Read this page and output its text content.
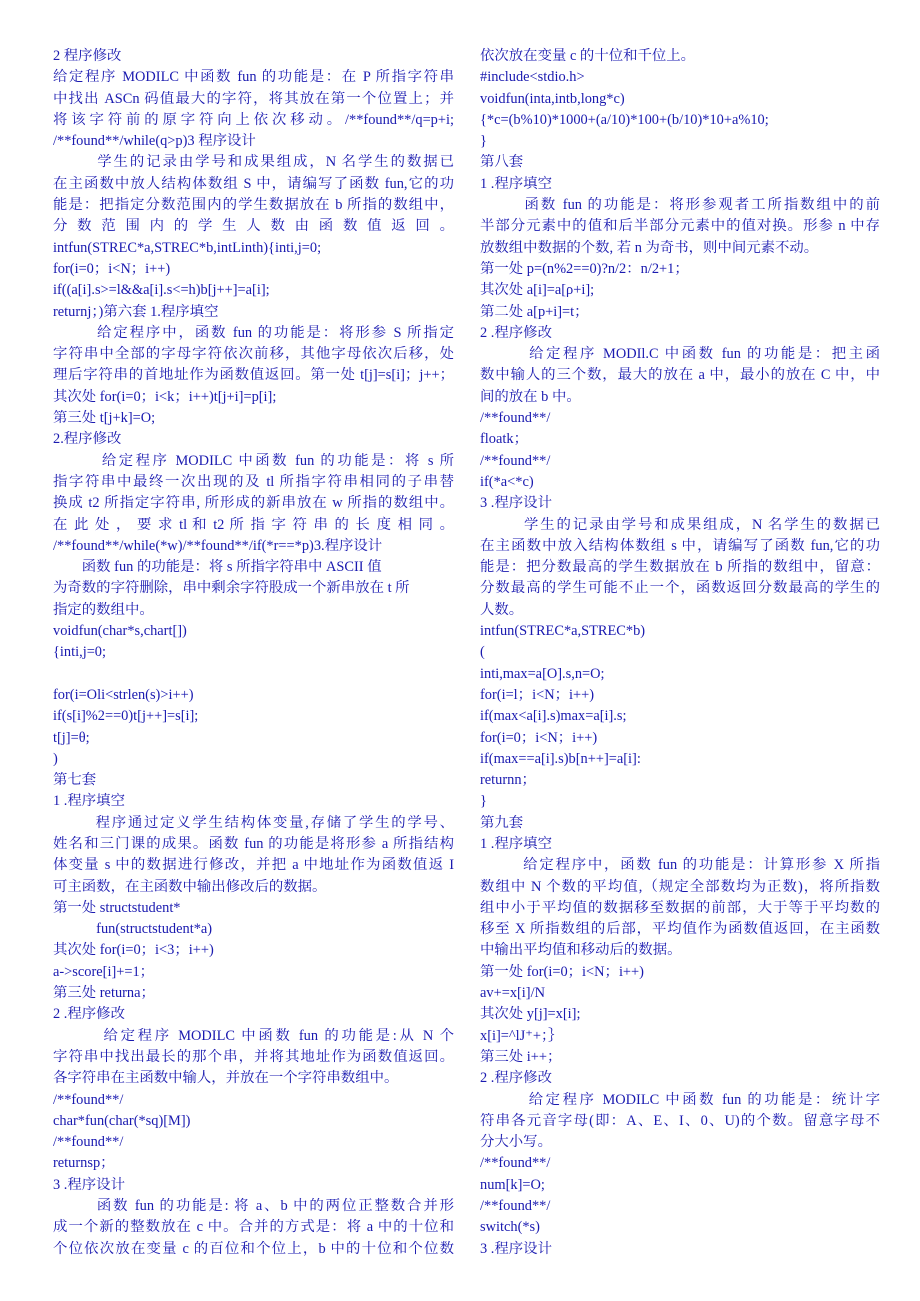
2 程序修改
给定程序 MODILC 中函数 fun 的功能是：在 P 所指字符串
中找出 ASCn 码值最大的字符，将其放在第一个位置上；并
将该字符前的原字符向上依次移动。/**found**/q=p+i;
/**found**/while(q>p)3 程序设计
学生的记录由学号和成果组成，N 名学生的数据已
在主函数中放人结构体数组 S 中，请编写了函数 fun,它的功
能是：把指定分数范围内的学生数据放在 b 所指的数组中，
分 数 范 围 内 的 学 生 人 数 由 函 数 值 返 回 。
intfun(STREC*a,STREC*b,intLinth){inti,j=0;
for(i=0；i<N；i++)
if((a[i].s>=l&&a[i].s<=h)b[j++]=a[i];
returnj；)第六套 1.程序填空
给定程序中，函数 fun 的功能是：将形参 S 所指定
字符串中全部的字母字符依次前移，其他字母依次后移，处
理后字符串的首地址作为函数值返回。第一处 t[j]=s[i]；j++；
其次处 for(i=0；i<k；i++)t[j+i]=p[i];
第三处 t[j+k]=O;
2.程序修改
给定程序 MODILC 中函数 fun 的功能是：将 s 所
指字符串中最终一次出现的及 tl 所指字符串相同的子串替
换成 t2 所指定字符串, 所形成的新串放在 w 所指的数组中。
在 此 处 ， 要 求 tl 和 t2 所 指 字 符 串 的 长 度 相 同 。
/**found**/while(*w)/**found**/if(*r==*p)3.程序设计
函数 fun 的功能是：将 s 所指字符串中 ASCII 值
为奇数的字符删除，串中剩余字符股成一个新串放在 t 所
指定的数组中。
voidfun(char*s,chart[])
{inti,j=0;
for(i=Oli<strlen(s)>i++)
if(s[i]%2==0)t[j++]=s[i];
t[j]=θ;
)
第七套
1 .程序填空
程序通过定义学生结构体变量,存储了学生的学号、
姓名和三门课的成果。函数 fun 的功能是将形参 a 所指结构
体变量 s 中的数据进行修改，并把 a 中地址作为函数值返 I
可主函数，在主函数中输出修改后的数据。
第一处 structstudent*
fun(structstudent*a)
其次处 for(i=0；i<3；i++)
a->score[i]+=1；
第三处 returna；
2 .程序修改
给定程序 MODILC 中函数 fun 的功能是:从 N 个
字符串中找出最长的那个串，并将其地址作为函数值返回。
各字符串在主函数中输人，并放在一个字符串数组中。
/**found**/
char*fun(char(*sq)[M])
/**found**/
returnsp；
3 .程序设计
函数 fun 的功能是: 将 a、b 中的两位正整数合并形
成一个新的整数放在 c 中。合并的方式是：将 a 中的十位和
个位依次放在变量 c 的百位和个位上，b 中的十位和个位数
依次放在变量 c 的十位和千位上。
#include<stdio.h>
voidfun(inta,intb,long*c)
{*c=(b%10)*1000+(a/10)*100+(b/10)*10+a%10;
}
第八套
1 .程序填空
函数 fun 的功能是：将形参观者工所指数组中的前
半部分元素中的值和后半部分元素中的值对换。形参 n 中存
放数组中数据的个数, 若 n 为奇书，则中间元素不动。
第一处 p=(n%2==0)?n/2：n/2+1；
其次处 a[i]=a[ρ+i];
第二处 a[p+i]=t；
2 .程序修改
给定程序 MODIl.C 中函数 fun 的功能是：把主函
数中输人的三个数，最大的放在 a 中，最小的放在 C 中，中
间的放在 b 中。
/**found**/
floatk；
/**found**/
if(*a<*c)
3 .程序设计
学生的记录由学号和成果组成，N 名学生的数据已
在主函数中放入结构体数组 s 中，请编写了函数 fun,它的功
能是：把分数最高的学生数据放在 b 所指的数组中，留意：
分数最高的学生可能不止一个，函数返回分数最高的学生的
人数。
intfun(STREC*a,STREC*b)
(
inti,max=a[O].s,n=O;
for(i=l；i<N；i++)
if(max<a[i].s)max=a[i].s;
for(i=0；i<N；i++)
if(max==a[i].s)b[n++]=a[i]:
returnn；
}
第九套
1 .程序填空
给定程序中，函数 fun 的功能是：计算形参 X 所指
数组中 N 个数的平均值,（规定全部数均为正数)，将所指数
组中小于平均值的数据移至数据的前部，大于等于平均数的
移至 X 所指数组的后部，平均值作为函数值返回，在主函数
中输出平均值和移动后的数据。
第一处 for(i=0；i<N；i++)
av+=x[i]/N
其次处 y[j]=x[i];
x[i]=^lJ⁺+；｝
第三处 i++；
2 .程序修改
给定程序 MODILC 中函数 fun 的功能是：统计字
符串各元音字母(即：A、E、I、0、U)的个数。留意字母不
分大小写。
/**found**/
num[k]=O;
/**found**/
switch(*s)
3 .程序设计
